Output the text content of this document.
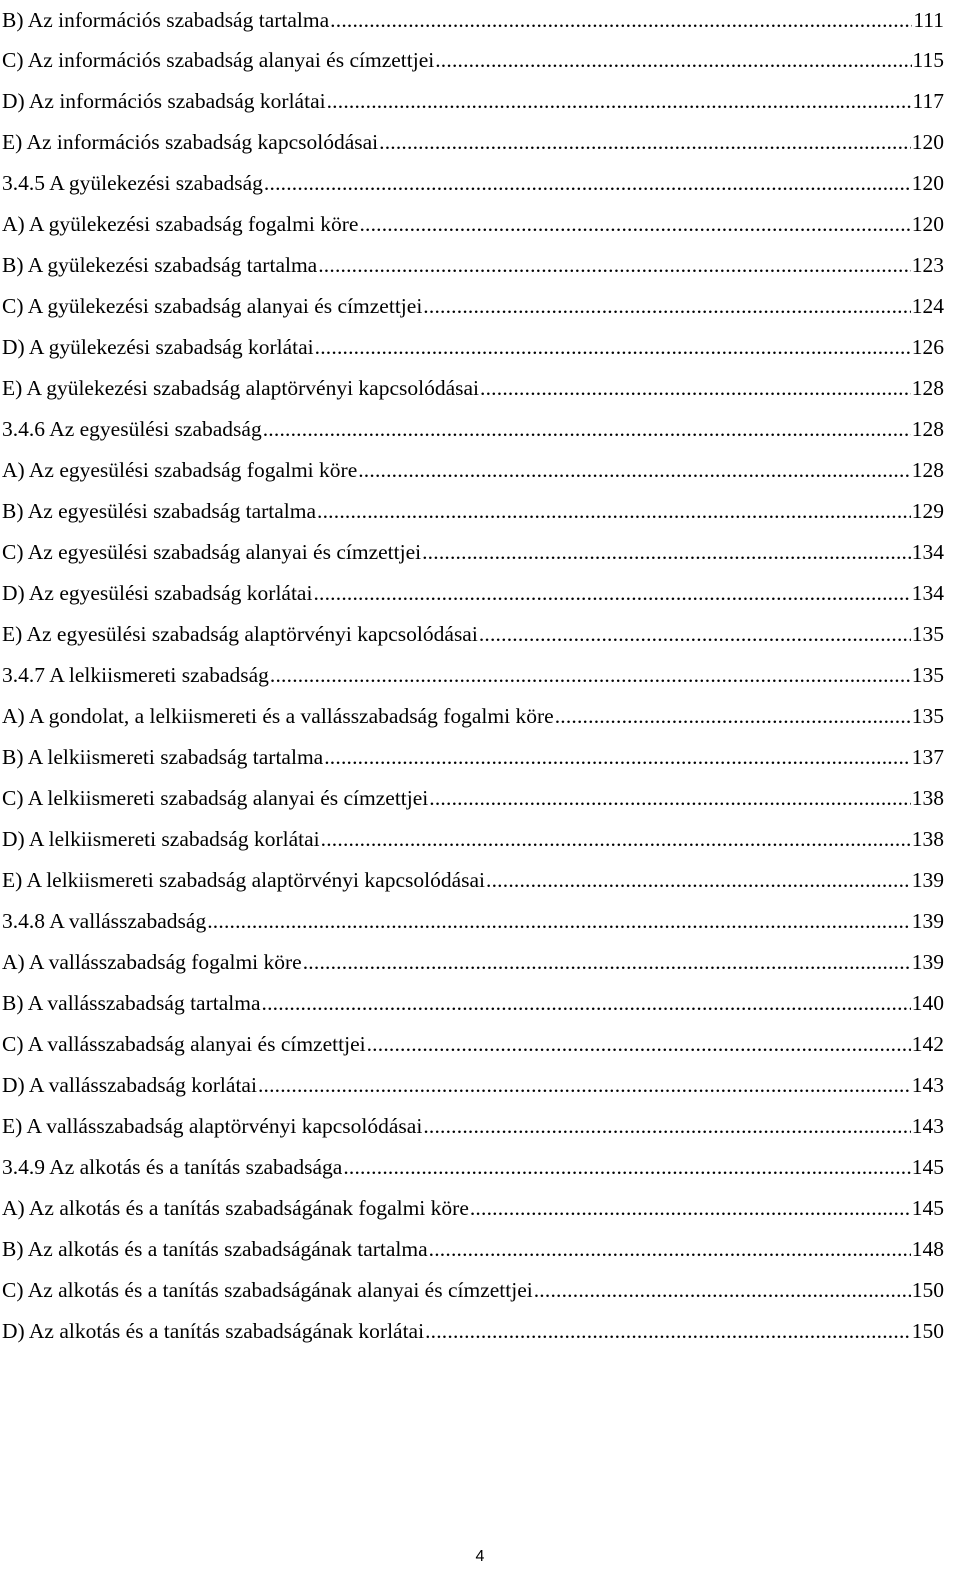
B) Az információs szabadság tartalma .....	111
C) Az információs szabadság alanyai és címzettjei .....	115
D) Az információs szabadság korlátai .....	117
E) Az információs szabadság kapcsolódásai .....	120
3.4.5 A gyülekezési szabadság .....	120
A) A gyülekezési szabadság fogalmi köre .....	120
B) A gyülekezési szabadság tartalma .....	123
C) A gyülekezési szabadság alanyai és címzettjei .....	124
D) A gyülekezési szabadság korlátai .....	126
E) A gyülekezési szabadság alaptörvényi kapcsolódásai .....	128
3.4.6 Az egyesülési szabadság .....	128
A) Az egyesülési szabadság fogalmi köre .....	128
B) Az egyesülési szabadság tartalma .....	129
C) Az egyesülési szabadság alanyai és címzettjei .....	134
D) Az egyesülési szabadság korlátai .....	134
E) Az egyesülési szabadság alaptörvényi kapcsolódásai .....	135
3.4.7 A lelkiismereti szabadság .....	135
A) A gondolat, a lelkiismereti és a vallásszabadság fogalmi köre .....	135
B) A lelkiismereti szabadság tartalma .....	137
C) A lelkiismereti szabadság alanyai és címzettjei .....	138
D) A lelkiismereti szabadság korlátai .....	138
E) A lelkiismereti szabadság alaptörvényi kapcsolódásai .....	139
3.4.8 A vallásszabadság .....	139
A) A vallásszabadság fogalmi köre .....	139
B) A vallásszabadság tartalma .....	140
C) A vallásszabadság alanyai és címzettjei .....	142
D) A vallásszabadság korlátai .....	143
E) A vallásszabadság alaptörvényi kapcsolódásai .....	143
3.4.9 Az alkotás és a tanítás szabadsága .....	145
A) Az alkotás és a tanítás szabadságának fogalmi köre .....	145
B) Az alkotás és a tanítás szabadságának tartalma .....	148
C) Az alkotás és a tanítás szabadságának alanyai és címzettjei .....	150
D) Az alkotás és a tanítás szabadságának korlátai .....	150
4
